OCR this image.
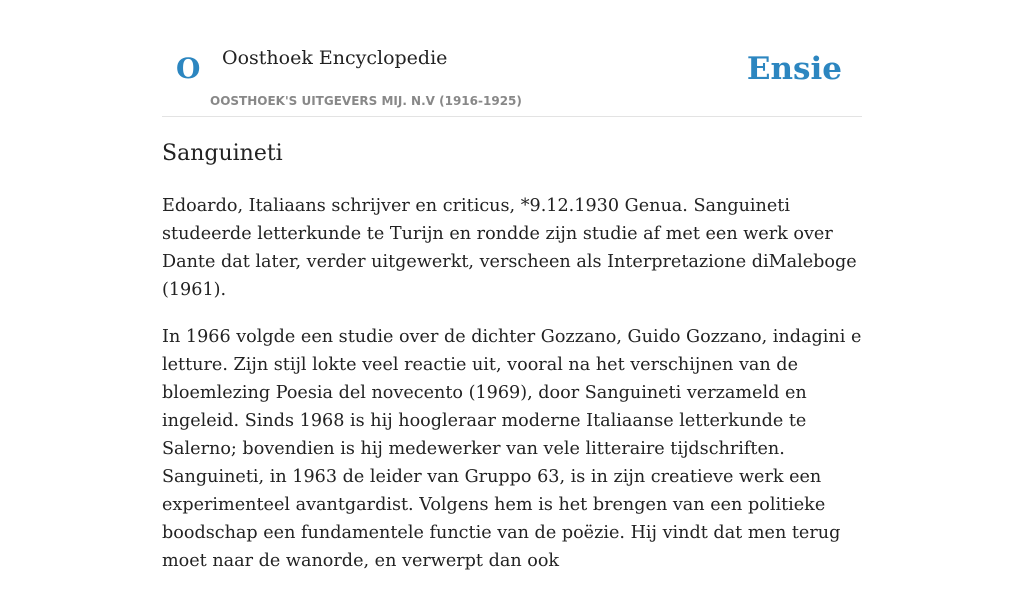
O Oosthoek Encyclopedie
OOSTHOEK'S UITGEVERS MIJ. N.V (1916-1925)
Ensie
Sanguineti

Edoardo, Italiaans schrijver en criticus, *9.12.1930 Genua. Sanguineti studeerde letterkunde te Turijn en rondde zijn studie af met een werk over Dante dat later, verder uitgewerkt, verscheen als Interpretazione diMaleboge (1961).

In 1966 volgde een studie over de dichter Gozzano, Guido Gozzano, indagini e letture. Zijn stijl lokte veel reactie uit, vooral na het verschijnen van de bloemlezing Poesia del novecento (1969), door Sanguineti verzameld en ingeleid. Sinds 1968 is hij hoogleraar moderne Italiaanse letterkunde te Salerno; bovendien is hij medewerker van vele litteraire tijdschriften. Sanguineti, in 1963 de leider van Gruppo 63, is in zijn creatieve werk een experimenteel avantgardist. Volgens hem is het brengen van een politieke boodschap een fundamentele functie van de poëzie. Hij vindt dat men terug moet naar de wanorde, en verwerpt dan ook
